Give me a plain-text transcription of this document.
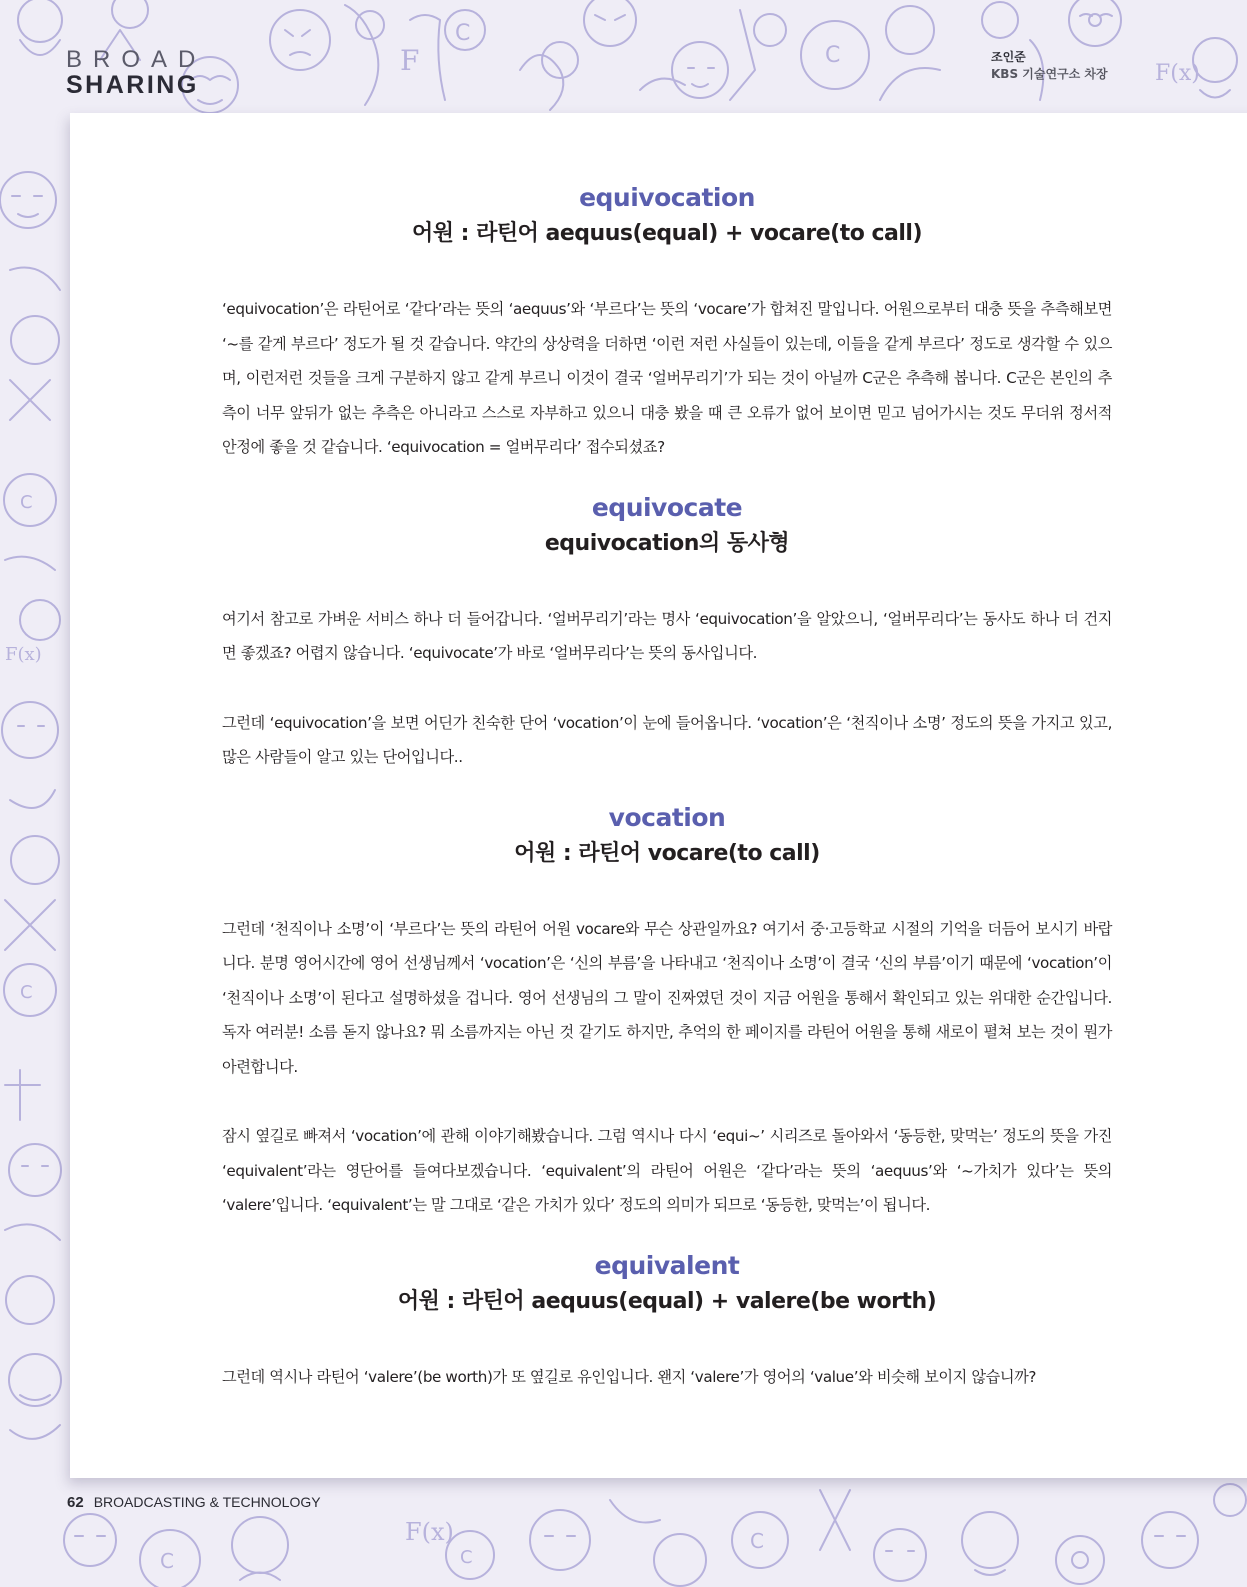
F
C
C
F(x)
C
F(x)
C
C
F(x)
C
C
BROAD
SHARING
조인준
KBS 기술연구소 차장
equivocation
어원 : 라틴어 aequus(equal) + vocare(to call)

‘equivocation’은 라틴어로 ‘같다’라는 뜻의 ‘aequus’와 ‘부르다’는 뜻의 ‘vocare’가 합쳐진 말입니다. 어원으로부터 대충 뜻을 추측해보면 ‘~를 같게 부르다’ 정도가 될 것 같습니다. 약간의 상상력을 더하면 ‘이런 저런 사실들이 있는데, 이들을 같게 부르다’ 정도로 생각할 수 있으며, 이런저런 것들을 크게 구분하지 않고 같게 부르니 이것이 결국 ‘얼버무리기’가 되는 것이 아닐까 C군은 추측해 봅니다. C군은 본인의 추측이 너무 앞뒤가 없는 추측은 아니라고 스스로 자부하고 있으니 대충 봤을 때 큰 오류가 없어 보이면 믿고 넘어가시는 것도 무더위 정서적 안정에 좋을 것 같습니다. ‘equivocation = 얼버무리다’ 접수되셨죠?

equivocate
equivocation의 동사형

여기서 참고로 가벼운 서비스 하나 더 들어갑니다. ‘얼버무리기’라는 명사 ‘equivocation’을 알았으니, ‘얼버무리다’는 동사도 하나 더 건지면 좋겠죠? 어렵지 않습니다. ‘equivocate’가 바로 ‘얼버무리다’는 뜻의 동사입니다.

그런데 ‘equivocation’을 보면 어딘가 친숙한 단어 ‘vocation’이 눈에 들어옵니다. ‘vocation’은 ‘천직이나 소명’ 정도의 뜻을 가지고 있고, 많은 사람들이 알고 있는 단어입니다..

vocation
어원 : 라틴어 vocare(to call)

그런데 ‘천직이나 소명’이 ‘부르다’는 뜻의 라틴어 어원 vocare와 무슨 상관일까요? 여기서 중·고등학교 시절의 기억을 더듬어 보시기 바랍니다. 분명 영어시간에 영어 선생님께서 ‘vocation’은 ‘신의 부름’을 나타내고 ‘천직이나 소명’이 결국 ‘신의 부름’이기 때문에 ‘vocation’이 ‘천직이나 소명’이 된다고 설명하셨을 겁니다. 영어 선생님의 그 말이 진짜였던 것이 지금 어원을 통해서 확인되고 있는 위대한 순간입니다. 독자 여러분! 소름 돋지 않나요? 뭐 소름까지는 아닌 것 같기도 하지만, 추억의 한 페이지를 라틴어 어원을 통해 새로이 펼쳐 보는 것이 뭔가 아련합니다.

잠시 옆길로 빠져서 ‘vocation’에 관해 이야기해봤습니다. 그럼 역시나 다시 ‘equi~’ 시리즈로 돌아와서 ‘동등한, 맞먹는’ 정도의 뜻을 가진 ‘equivalent’라는 영단어를 들여다보겠습니다. ‘equivalent’의 라틴어 어원은 ‘같다’라는 뜻의 ‘aequus’와 ‘~가치가 있다’는 뜻의 ‘valere’입니다. ‘equivalent’는 말 그대로 ‘같은 가치가 있다’ 정도의 의미가 되므로 ‘동등한, 맞먹는’이 됩니다.

equivalent
어원 : 라틴어 aequus(equal) + valere(be worth)

그런데 역시나 라틴어 ‘valere’(be worth)가 또 옆길로 유인입니다. 왠지 ‘valere’가 영어의 ‘value’와 비슷해 보이지 않습니까?

62 BROADCASTING & TECHNOLOGY
